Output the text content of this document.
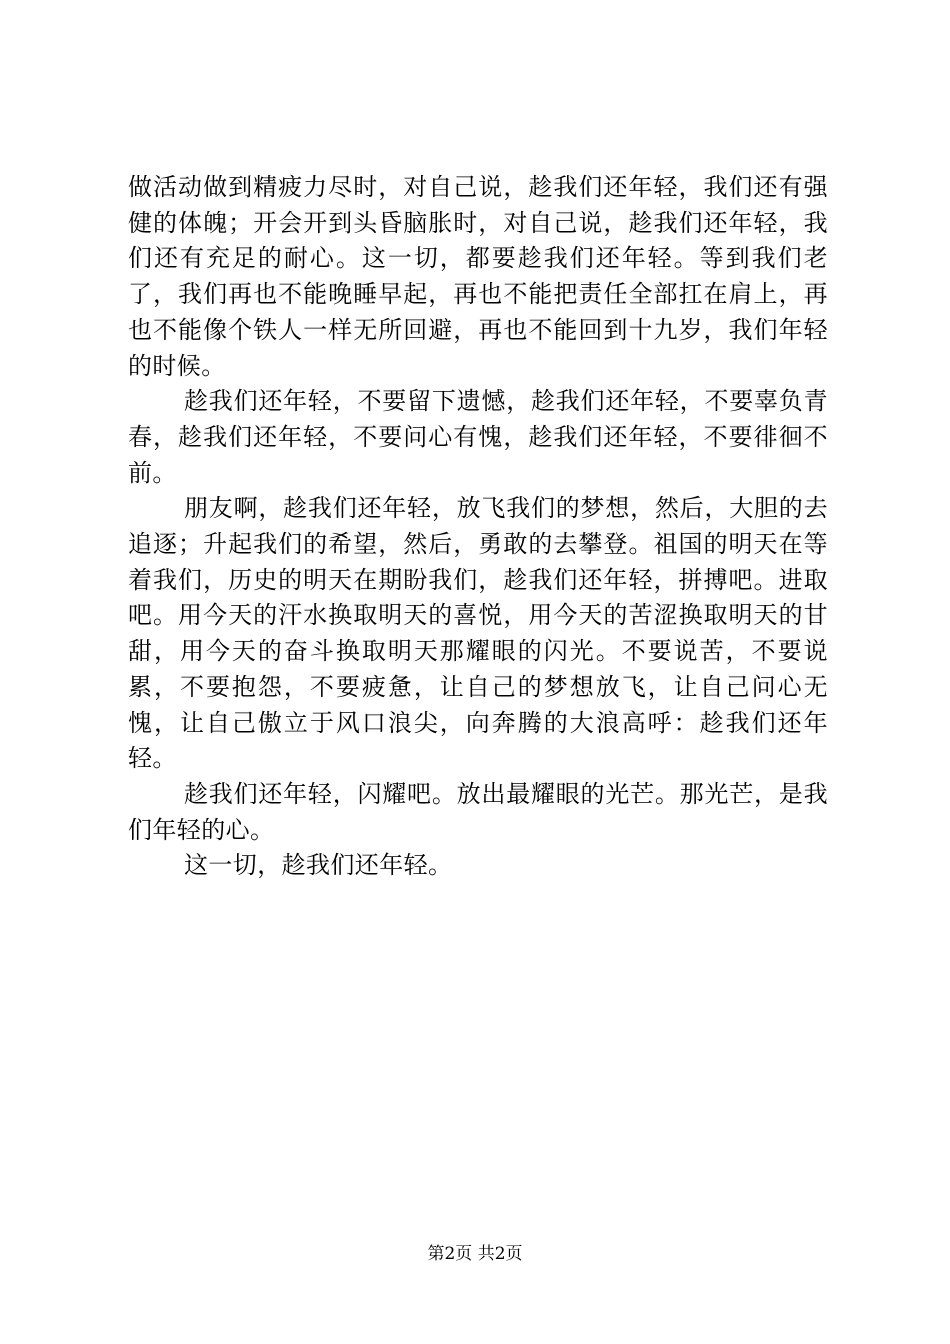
做活动做到精疲力尽时，对自己说，趁我们还年轻，我们还有强健的体魄；开会开到头昏脑胀时，对自己说，趁我们还年轻，我们还有充足的耐心。这一切，都要趁我们还年轻。等到我们老了，我们再也不能晚睡早起，再也不能把责任全部扛在肩上，再也不能像个铁人一样无所回避，再也不能回到十九岁，我们年轻的时候。

趁我们还年轻，不要留下遗憾，趁我们还年轻，不要辜负青春，趁我们还年轻，不要问心有愧，趁我们还年轻，不要徘徊不前。

朋友啊，趁我们还年轻，放飞我们的梦想，然后，大胆的去追逐；升起我们的希望，然后，勇敢的去攀登。祖国的明天在等着我们，历史的明天在期盼我们，趁我们还年轻，拼搏吧。进取吧。用今天的汗水换取明天的喜悦，用今天的苦涩换取明天的甘甜，用今天的奋斗换取明天那耀眼的闪光。不要说苦，不要说累，不要抱怨，不要疲惫，让自己的梦想放飞，让自己问心无愧，让自己傲立于风口浪尖，向奔腾的大浪高呼：趁我们还年轻。

趁我们还年轻，闪耀吧。放出最耀眼的光芒。那光芒，是我们年轻的心。

这一切，趁我们还年轻。

第2页 共2页
